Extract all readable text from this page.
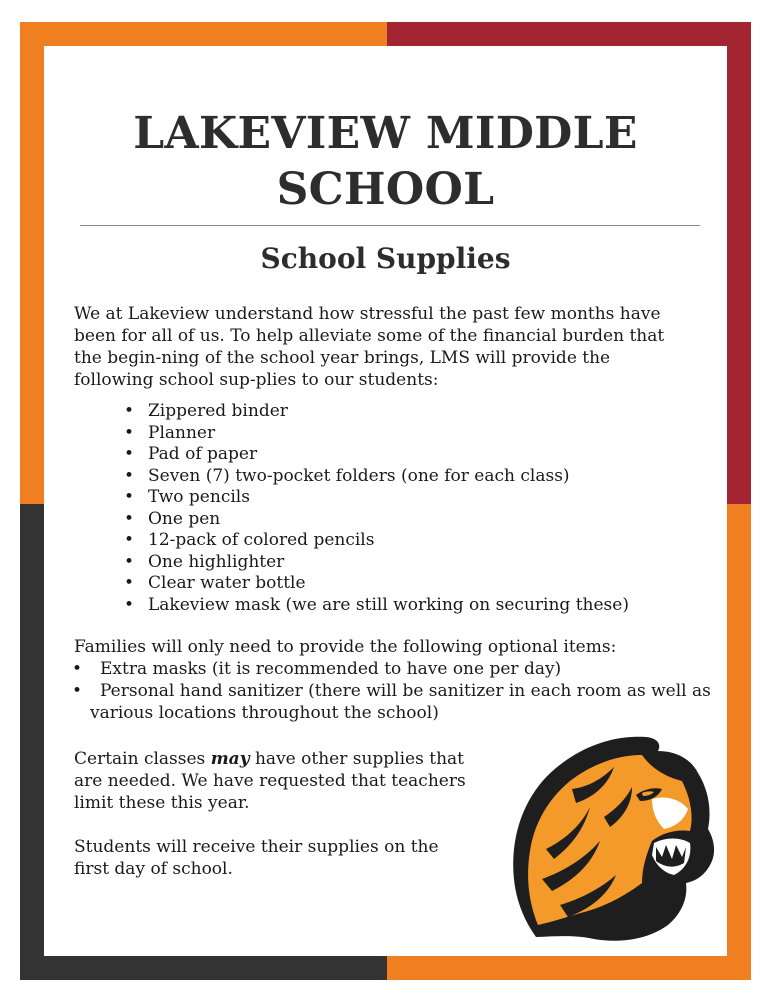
LAKEVIEW MIDDLE
SCHOOL
School Supplies

We at Lakeview understand how stressful the past few months have been for all of us. To help alleviate some of the financial burden that the begin-ning of the school year brings, LMS will provide the following school sup-plies to our students:

• Zippered binder
• Planner
• Pad of paper
• Seven (7) two-pocket folders (one for each class)
• Two pencils
• One pen
• 12-pack of colored pencils
• One highlighter
• Clear water bottle
• Lakeview mask (we are still working on securing these)

Families will only need to provide the following optional items:

• Extra masks (it is recommended to have one per day)
• Personal hand sanitizer (there will be sanitizer in each room as well as various locations throughout the school)

Certain classes may have other supplies that are needed. We have requested that teachers limit these this year.

Students will receive their supplies on the first day of school.
